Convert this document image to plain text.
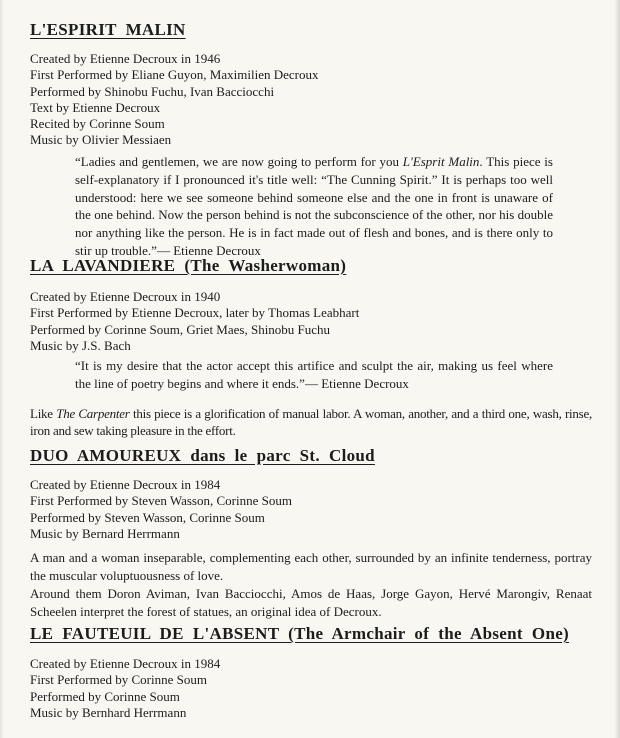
L'ESPIRIT  MALIN
Created by Etienne Decroux in 1946
First Performed by Eliane Guyon, Maximilien Decroux
Performed by Shinobu Fuchu, Ivan Bacciocchi
Text by Etienne Decroux
Recited by Corinne Soum
Music by Olivier Messiaen

“Ladies and gentlemen, we are now going to perform for you L'Esprit Malin. This piece is self-explanatory if I pronounced it's title well: “The Cunning Spirit.” It is perhaps too well understood: here we see someone behind someone else and the one in front is unaware of the one behind. Now the person behind is not the subconscience of the other, nor his double nor anything like the person. He is in fact made out of flesh and bones, and is there only to stir up trouble.”— Etienne Decroux

LA  LAVANDIERE  (The  Washerwoman)
Created by Etienne Decroux in 1940
First Performed by Etienne Decroux, later by Thomas Leabhart
Performed by Corinne Soum, Griet Maes, Shinobu Fuchu
Music by J.S. Bach

“It is my desire that the actor accept this artifice and sculpt the air, making us feel where the line of poetry begins and where it ends.”— Etienne Decroux

Like The Carpenter this piece is a glorification of manual labor. A woman, another, and a third one, wash, rinse, iron and sew taking pleasure in the effort.

DUO  AMOUREUX  dans  le  parc  St.  Cloud
Created by Etienne Decroux in 1984
First Performed by Steven Wasson, Corinne Soum
Performed by Steven Wasson, Corinne Soum
Music by Bernard Herrmann

A man and a woman inseparable, complementing each other, surrounded by an infinite tenderness, portray the muscular voluptuousness of love.

Around them Doron Aviman, Ivan Bacciocchi, Amos de Haas, Jorge Gayon, Hervé Marongiv, Renaat Scheelen interpret the forest of statues, an original idea of Decroux.

LE  FAUTEUIL  DE  L'ABSENT  (The  Armchair  of  the  Absent  One)
Created by Etienne Decroux in 1984
First Performed by Corinne Soum
Performed by Corinne Soum
Music by Bernhard Herrmann
